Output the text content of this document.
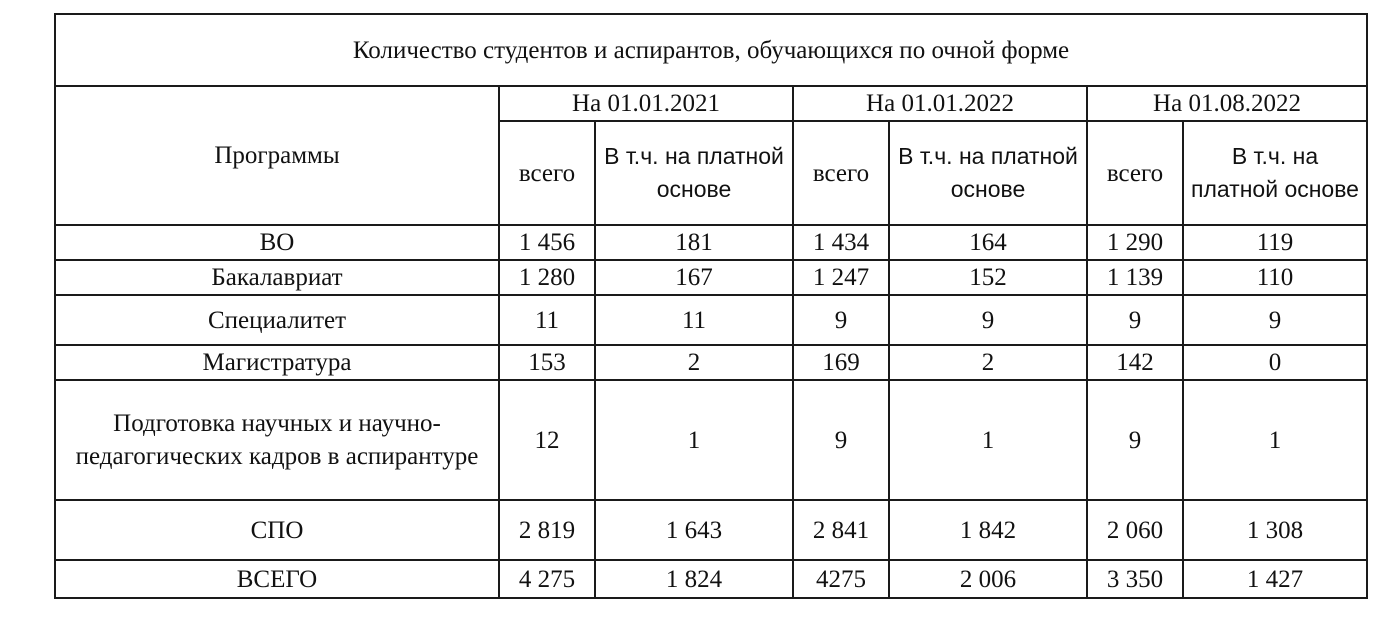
Количество студентов и аспирантов, обучающихся по очной форме						
Программы	На 01.01.2021		На 01.01.2022		На 01.08.2022	
	всего	В т.ч. на платной основе	всего	В т.ч. на платной основе	всего	В т.ч. на платной основе
ВО	1 456	181	1 434	164	1 290	119
Бакалавриат	1 280	167	1 247	152	1 139	110
Специалитет	11	11	9	9	9	9
Магистратура	153	2	169	2	142	0
Подготовка научных и научно-педагогических кадров в аспирантуре	12	1	9	1	9	1
СПО	2 819	1 643	2 841	1 842	2 060	1 308
ВСЕГО	4 275	1 824	4275	2 006	3 350	1 427
